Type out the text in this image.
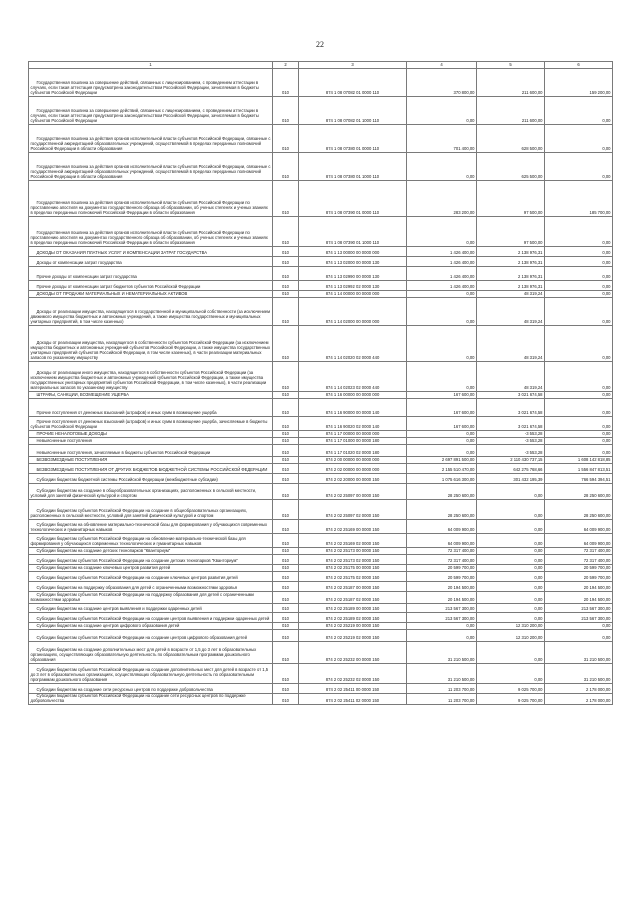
22
1	2	3	4	5	6
Государственная пошлина за совершение действий, связанных с лицензированием, с проведением аттестации в случаях, если такая аттестация предусмотрена законодательством Российской Федерации, зачисляемая в бюджеты субъектов Российской Федерации	010	874 1 08 07082 01 0000 110	370 800,00	211 600,00	159 200,00
Государственная пошлина за совершение действий, связанных с лицензированием, с проведением аттестации в случаях, если такая аттестация предусмотрена законодательством Российской Федерации, зачисляемая в бюджеты субъектов Российской Федерации	010	874 1 08 07082 01 1000 110	0,00	211 600,00	0,00
Государственная пошлина за действия органов исполнительной власти субъектов Российской Федерации, связанные с государственной аккредитацией образовательных учреждений, осуществляемой в пределах переданных полномочий Российской Федерации в области образования	010	874 1 08 07380 01 0000 110	701 400,00	628 500,00	0,00
Государственная пошлина за действия органов исполнительной власти субъектов Российской Федерации, связанные с государственной аккредитацией образовательных учреждений, осуществляемой в пределах переданных полномочий Российской Федерации в области образования	010	874 1 08 07380 01 1000 110	0,00	625 500,00	0,00
Государственная пошлина за действия органов исполнительной власти субъектов Российской Федерации по проставлению апостиля на документах государственного образца об образовании, об ученых степенях и ученых званиях в пределах переданных полномочий Российской Федерации в области образования	010	874 1 08 07390 01 0000 110	283 200,00	97 500,00	185 700,00
Государственная пошлина за действия органов исполнительной власти субъектов Российской Федерации по проставлению апостиля на документах государственного образца об образовании, об ученых степенях и ученых званиях в пределах переданных полномочий Российской Федерации в области образования	010	874 1 08 07390 01 1000 110	0,00	97 500,00	0,00
ДОХОДЫ ОТ ОКАЗАНИЯ ПЛАТНЫХ УСЛУГ И КОМПЕНСАЦИИ ЗАТРАТ ГОСУДАРСТВА	010	874 1 13 00000 00 0000 000	1 426 400,00	2 138 976,31	0,00
Доходы от компенсации затрат государства	010	874 1 13 02000 00 0000 130	1 426 400,00	2 138 976,31	0,00
Прочие доходы от компенсации затрат государства	010	874 1 13 02990 00 0000 130	1 426 400,00	2 138 976,31	0,00
Прочие доходы от компенсации затрат бюджетов субъектов Российской Федерации	010	874 1 13 02992 02 0000 130	1 426 400,00	2 138 976,31	0,00
ДОХОДЫ ОТ ПРОДАЖИ МАТЕРИАЛЬНЫХ И НЕМАТЕРИАЛЬНЫХ АКТИВОВ	010	874 1 14 00000 00 0000 000	0,00	48 319,24	0,00
Доходы от реализации имущества, находящегося в государственной и муниципальной собственности (за исключением движимого имущества бюджетных и автономных учреждений, а также имущества государственных и муниципальных унитарных предприятий, в том числе казенных)	010	874 1 14 02000 00 0000 000	0,00	48 319,24	0,00
Доходы от реализации имущества, находящегося в собственности субъектов Российской Федерации (за исключением имущества бюджетных и автономных учреждений субъектов Российской Федерации, а также имущества государственных унитарных предприятий субъектов Российской Федерации, в том числе казенных), в части реализации материальных запасов по указанному имуществу	010	874 1 14 02020 02 0000 440	0,00	48 319,24	0,00
Доходы от реализации иного имущества, находящегося в собственности субъектов Российской Федерации (за исключением имущества бюджетных и автономных учреждений субъектов Российской Федерации, а также имущества государственных унитарных предприятий субъектов Российской Федерации, в том числе казенных), в части реализации материальных запасов по указанному имуществу	010	874 1 14 02023 02 0000 440	0,00	48 319,24	0,00
ШТРАФЫ, САНКЦИИ, ВОЗМЕЩЕНИЕ УЩЕРБА	010	874 1 16 00000 00 0000 000	167 600,00	3 021 674,58	0,00
Прочие поступления от денежных взысканий (штрафов) и иных сумм в возмещение ущерба	010	874 1 16 90000 00 0000 140	167 600,00	3 021 674,58	0,00
Прочие поступления от денежных взысканий (штрафов) и иных сумм в возмещение ущерба, зачисляемые в бюджеты субъектов Российской Федерации	010	874 1 16 90020 02 0000 140	167 600,00	3 021 674,58	0,00
ПРОЧИЕ НЕНАЛОГОВЫЕ ДОХОДЫ	010	874 1 17 00000 00 0000 000	0,00	-3 553,28	0,00
Невыясненные поступления	010	874 1 17 01000 00 0000 180	0,00	-3 553,28	0,00
Невыясненные поступления, зачисляемые в бюджеты субъектов Российской Федерации	010	874 1 17 01020 02 0000 180	0,00	-3 553,28	0,00
БЕЗВОЗМЕЗДНЫЕ ПОСТУПЛЕНИЯ	010	874 2 00 00000 00 0000 000	2 697 891 500,00	2 110 430 737,15	1 608 142 818,85
БЕЗВОЗМЕЗДНЫЕ ПОСТУПЛЕНИЯ ОТ ДРУГИХ БЮДЖЕТОВ БЮДЖЕТНОЙ СИСТЕМЫ РОССИЙСКОЙ ФЕДЕРАЦИИ	010	874 2 02 00000 00 0000 000	2 155 510 470,00	642 275 768,66	1 556 847 813,51
Субсидии бюджетам бюджетной системы Российской Федерации (межбюджетные субсидии)	010	874 2 02 20000 00 0000 150	1 075 616 300,00	301 432 195,39	766 594 394,51
Субсидии бюджетам на создание в общеобразовательных организациях, расположенных в сельской местности, условий для занятий физической культурой и спортом	010	874 2 02 25097 00 0000 150	28 250 600,00	0,00	28 250 600,00
Субсидии бюджетам субъектов Российской Федерации на создание в общеобразовательных организациях, расположенных в сельской местности, условий для занятий физической культурой и спортом	010	874 2 02 25097 02 0000 150	28 250 600,00	0,00	28 250 600,00
Субсидии бюджетам на обновление материально-технической базы для формирования у обучающихся современных технологических и гуманитарных навыков	010	874 2 02 25169 00 0000 150	64 009 900,00	0,00	64 009 900,00
Субсидии бюджетам субъектов Российской Федерации на обновление материально-технической базы для формирования у обучающихся современных технологических и гуманитарных навыков	010	874 2 02 25169 02 0000 150	64 009 900,00	0,00	64 009 900,00
Субсидии бюджетам на создание детских технопарков "Кванториум"	010	874 2 02 25173 00 0000 150	72 317 400,00	0,00	72 317 400,00
Субсидии бюджетам субъектов Российской Федерации на создание детских технопарков "Кванториум"	010	874 2 02 25173 02 0000 150	72 317 400,00	0,00	72 317 400,00
Субсидии бюджетам на создание ключевых центров развития детей	010	874 2 02 25175 00 0000 150	20 599 700,00	0,00	20 599 700,00
Субсидии бюджетам субъектов Российской Федерации на создание ключевых центров развития детей	010	874 2 02 25175 02 0000 150	20 599 700,00	0,00	20 599 700,00
Субсидии бюджетам на поддержку образования для детей с ограниченными возможностями здоровья	010	874 2 02 25187 00 0000 150	20 194 500,00	0,00	20 194 500,00
Субсидии бюджетам субъектов Российской Федерации на поддержку образования для детей с ограниченными возможностями здоровья	010	874 2 02 25187 02 0000 150	20 194 500,00	0,00	20 194 500,00
Субсидии бюджетам на создание центров выявления и поддержки одаренных детей	010	874 2 02 25189 00 0000 150	213 567 300,00	0,00	213 567 300,00
Субсидии бюджетам субъектов Российской Федерации на создание центров выявления и поддержки одаренных детей	010	874 2 02 25189 02 0000 150	213 567 300,00	0,00	213 567 300,00
Субсидии бюджетам на создание центров цифрового образования детей	010	874 2 02 25219 00 0000 150	0,00	12 310 200,00	0,00
Субсидии бюджетам субъектов Российской Федерации на создание центров цифрового образования детей	010	874 2 02 25219 02 0000 150	0,00	12 310 200,00	0,00
Субсидии бюджетам на создание дополнительных мест для детей в возрасте от 1,5 до 3 лет в образовательных организациях, осуществляющих образовательную деятельность по образовательным программам дошкольного образования	010	874 2 02 25232 00 0000 150	31 210 500,00	0,00	31 210 500,00
Субсидии бюджетам субъектов Российской Федерации на создание дополнительных мест для детей в возрасте от 1,5 до 3 лет в образовательных организациях, осуществляющих образовательную деятельность по образовательным программам дошкольного образования	010	874 2 02 25232 02 0000 150	31 210 500,00	0,00	31 210 500,00
Субсидии бюджетам на создание сети ресурсных центров по поддержке добровольчества	010	874 2 02 25411 00 0000 150	11 203 700,00	9 025 700,00	2 178 000,00
Субсидии бюджетам субъектов Российской Федерации на создание сети ресурсных центров по поддержке добровольчества	010	874 2 02 25411 02 0000 150	11 203 700,00	9 025 700,00	2 178 000,00
